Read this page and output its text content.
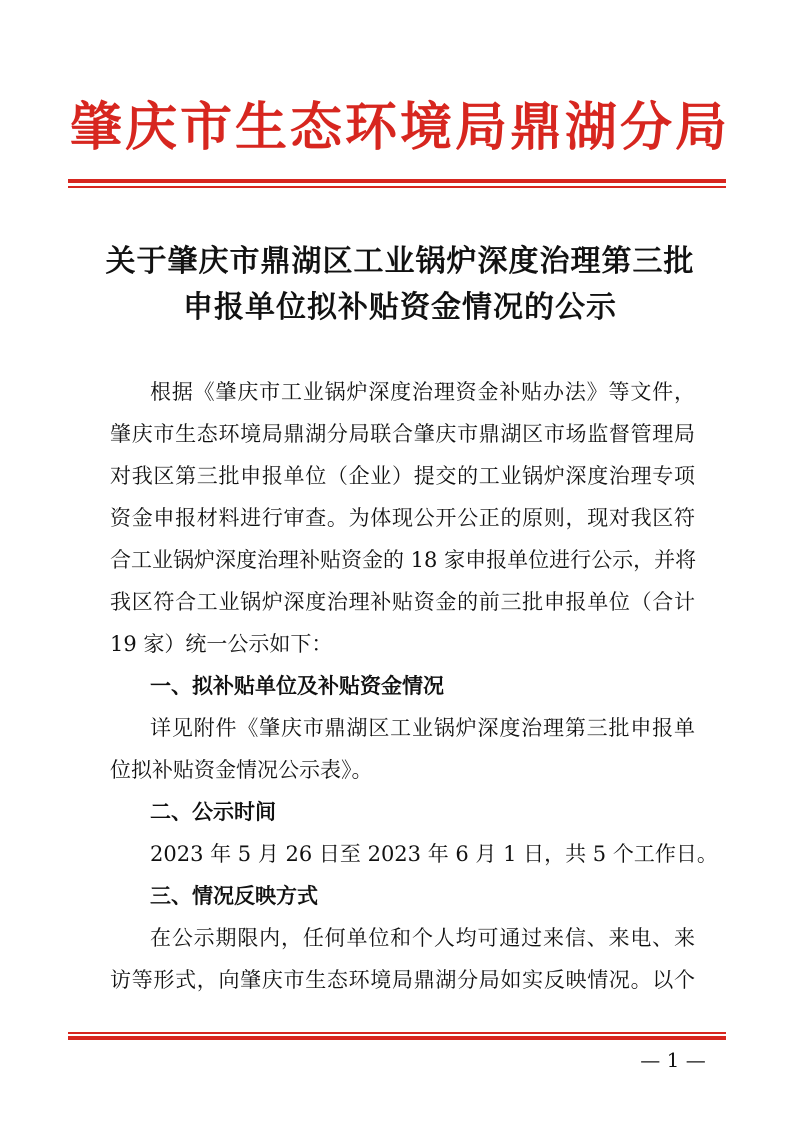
肇庆市生态环境局鼎湖分局
关于肇庆市鼎湖区工业锅炉深度治理第三批
申报单位拟补贴资金情况的公示
根据《肇庆市工业锅炉深度治理资金补贴办法》等文件，
肇庆市生态环境局鼎湖分局联合肇庆市鼎湖区市场监督管理局
对我区第三批申报单位（企业）提交的工业锅炉深度治理专项
资金申报材料进行审查。为体现公开公正的原则，现对我区符
合工业锅炉深度治理补贴资金的 18 家申报单位进行公示，并将
我区符合工业锅炉深度治理补贴资金的前三批申报单位（合计
19 家）统一公示如下：
一、拟补贴单位及补贴资金情况
详见附件《肇庆市鼎湖区工业锅炉深度治理第三批申报单
位拟补贴资金情况公示表》。
二、公示时间
2023 年 5 月 26 日至 2023 年 6 月 1 日，共 5 个工作日。
三、情况反映方式
在公示期限内，任何单位和个人均可通过来信、来电、来
访等形式，向肇庆市生态环境局鼎湖分局如实反映情况。以个
— 1 —
